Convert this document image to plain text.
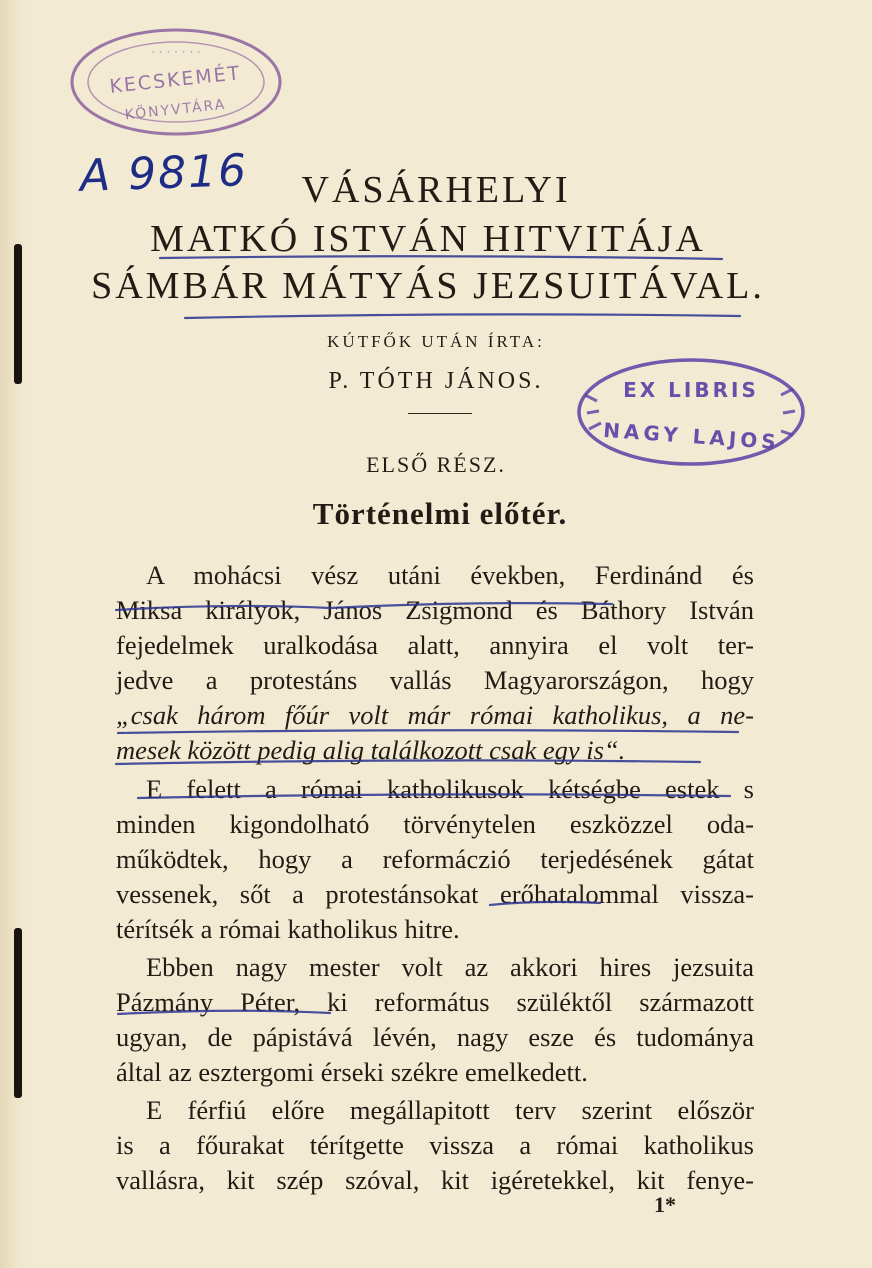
· · · · · · ·
KECSKEMÉT
KÖNYVTÁRA
A 9816	VÁSÁRHELYI
MATKÓ ISTVÁN HITVITÁJA
SÁMBÁR MÁTYÁS JEZSUITÁVAL.
KÚTFŐK UTÁN ÍRTA:
P. TÓTH JÁNOS.	EX LIBRIS
NAGY LAJOS
ELSŐ RÉSZ.
Történelmi előtér.
A mohácsi vész utáni években, Ferdinánd és
Miksa királyok, János Zsigmond és Báthory István
fejedelmek uralkodása alatt, annyira el volt ter-
jedve a protestáns vallás Magyarországon, hogy
„csak három főúr volt már római katholikus, a ne-
mesek között pedig alig találkozott csak egy is“.
E felett a római katholikusok kétségbe estek s
minden kigondolható törvénytelen eszközzel oda-
működtek, hogy a reformáczió terjedésének gátat
vessenek, sőt a protestánsokat erőhatalommal vissza-
térítsék a római katholikus hitre.
Ebben nagy mester volt az akkori hires jezsuita
Pázmány Péter, ki református szüléktől származott
ugyan, de pápistává lévén, nagy esze és tudománya
által az esztergomi érseki székre emelkedett.
E férfiú előre megállapitott terv szerint először
is a főurakat térítgette vissza a római katholikus
vallásra, kit szép szóval, kit igéretekkel, kit fenye-
1*
